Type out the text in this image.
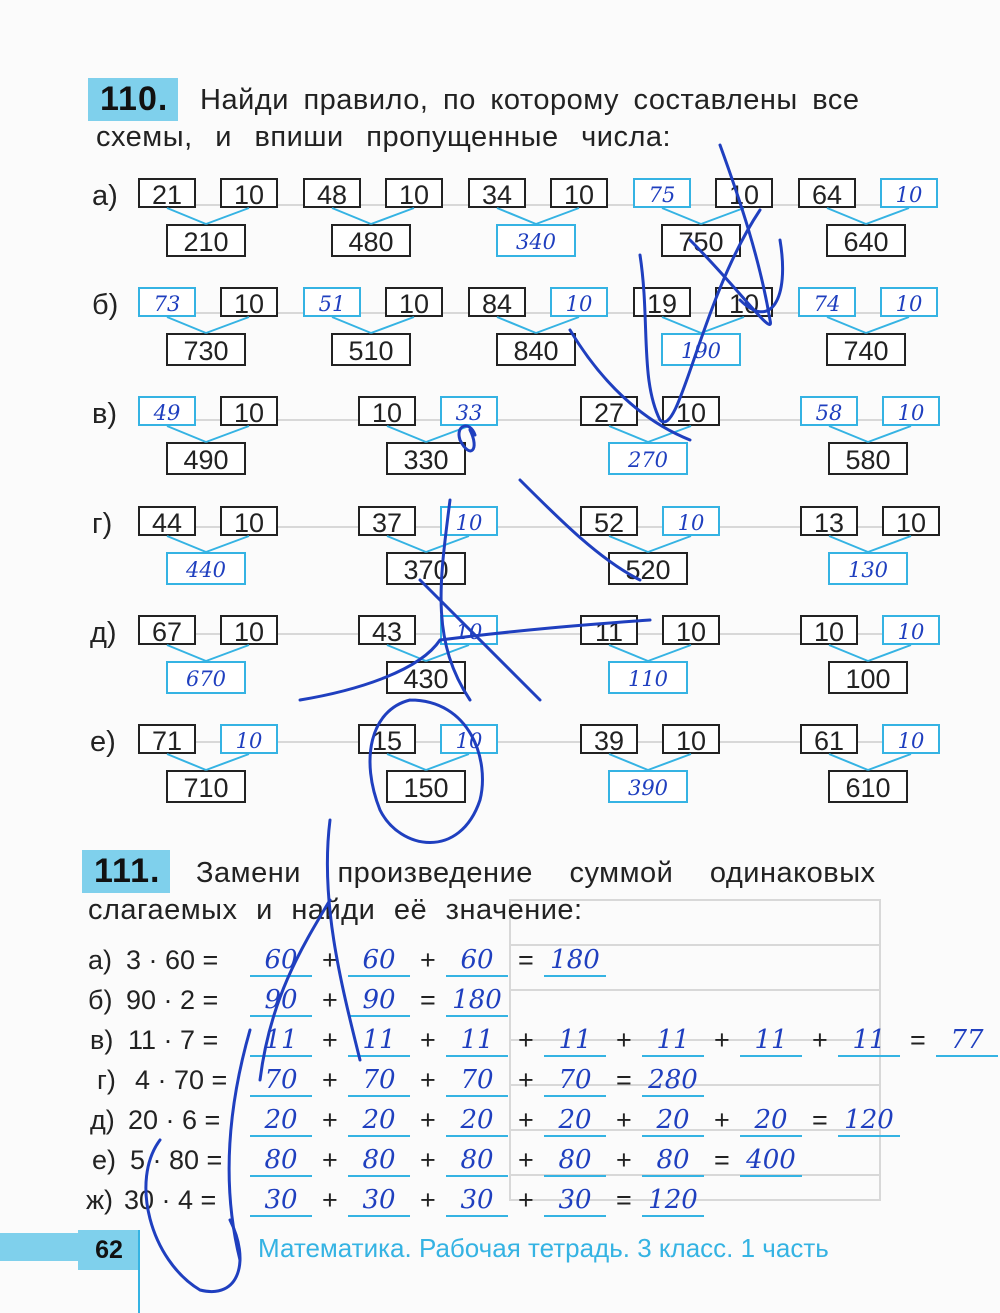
110.	Найди правило, по которому составлены все
схемы, и впиши пропущенные числа:
а)	21	10
210
48	10
480
34	10
340
75	10
750
64	10
640
б)	73	10
730
51	10
510
84	10
840
19	10
190
74	10
740
в)	49	10
490
10	33
330
27	10
270
58	10
580
г)	44	10
440
37	10
370
52	10
520
13	10
130
д)	67	10
670
43	10
430
11	10
110
10	10
100
е)	71	10
710
15	10
150
39	10
390
61	10
610
111.	Замени произведение суммой одинаковых
слагаемых и найди её значение:
а) 3 · 60 =	60 + 60 + 60 = 180
б) 90 · 2 =	90 + 90 = 180
в) 11 · 7 =	11 + 11 + 11 + 11 + 11 + 11 + 11 = 77
г) 4 · 70 =	70 + 70 + 70 + 70 = 280
д) 20 · 6 =	20 + 20 + 20 + 20 + 20 + 20 = 120
е) 5 · 80 =	80 + 80 + 80 + 80 + 80 = 400
ж) 30 · 4 =	30 + 30 + 30 + 30 = 120
62	Математика. Рабочая тетрадь. 3 класс. 1 часть
